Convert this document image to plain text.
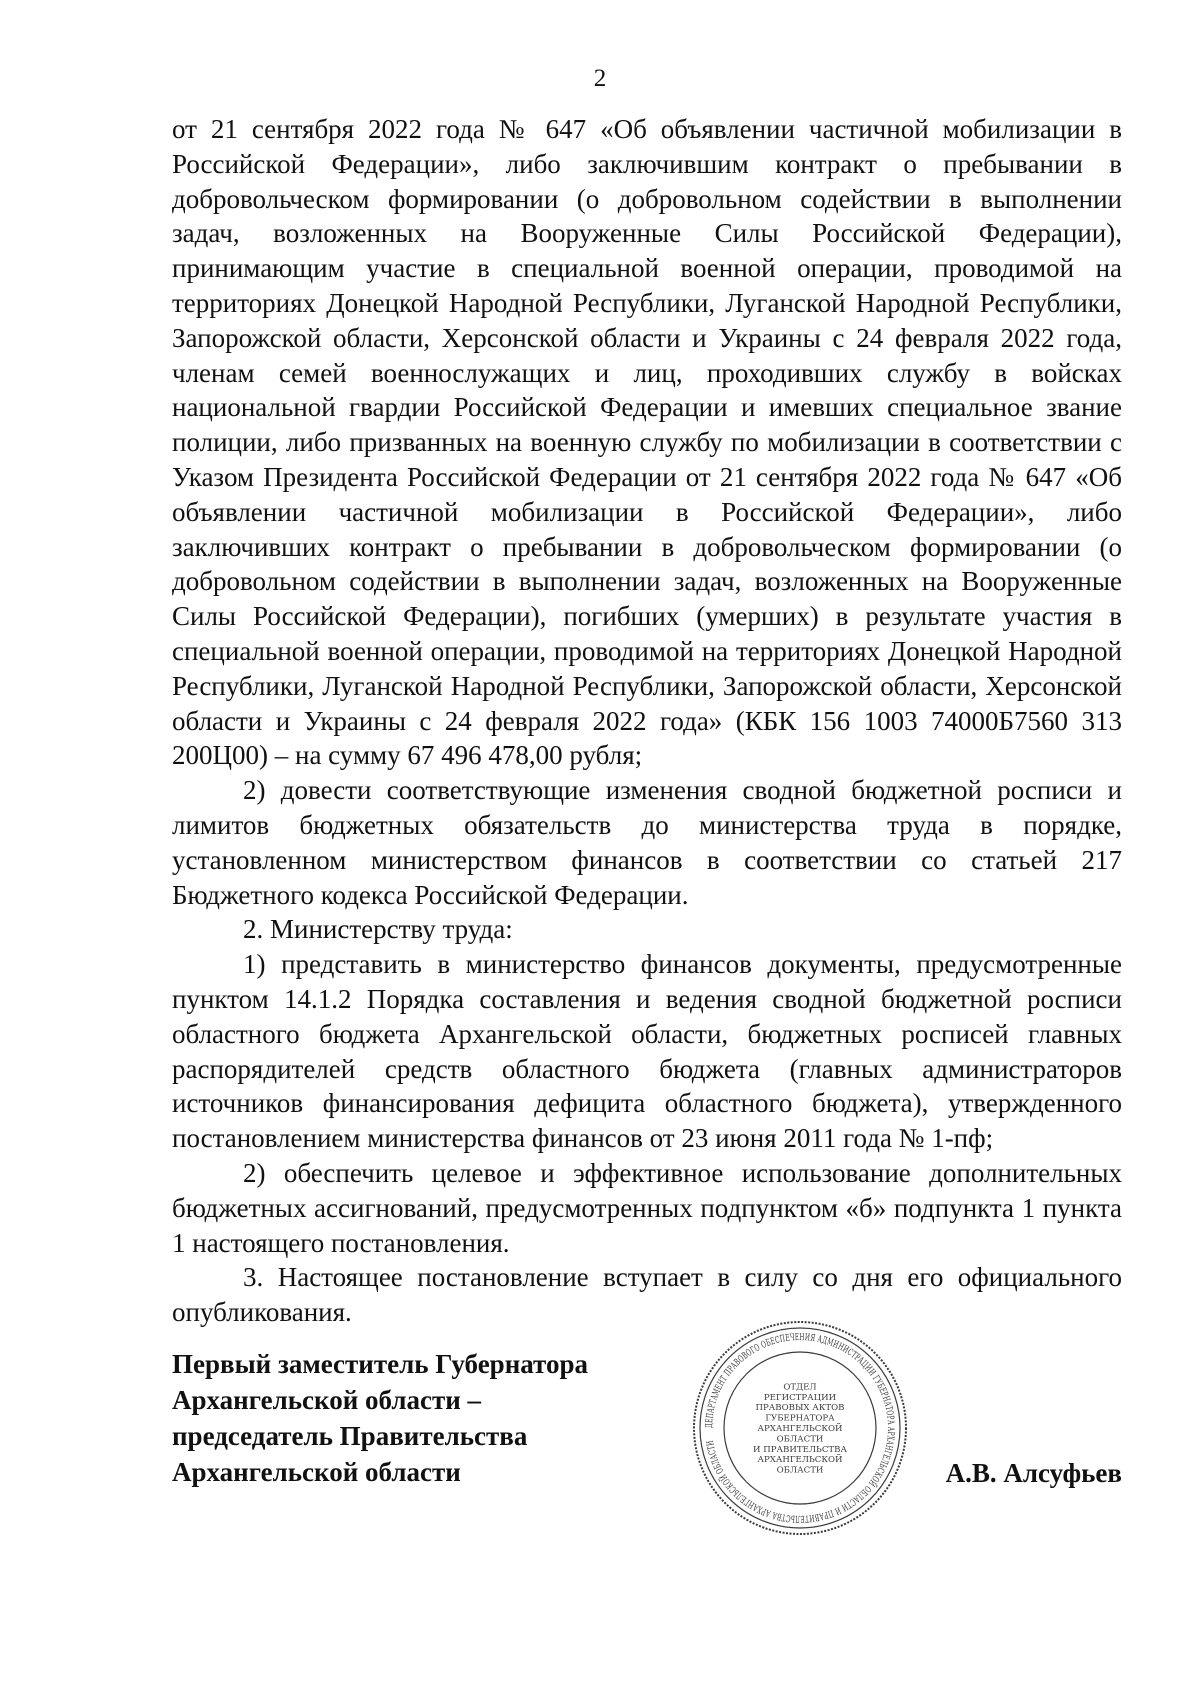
2

от 21 сентября 2022 года № 647 «Об объявлении частичной мобилизации в Российской Федерации», либо заключившим контракт о пребывании в добровольческом формировании (о добровольном содействии в выполнении задач, возложенных на Вооруженные Силы Российской Федерации), принимающим участие в специальной военной операции, проводимой на территориях Донецкой Народной Республики, Луганской Народной Республики, Запорожской области, Херсонской области и Украины с 24 февраля 2022 года, членам семей военнослужащих и лиц, проходивших службу в войсках национальной гвардии Российской Федерации и имевших специальное звание полиции, либо призванных на военную службу по мобилизации в соответствии с Указом Президента Российской Федерации от 21 сентября 2022 года № 647 «Об объявлении частичной мобилизации в Российской Федерации», либо заключивших контракт о пребывании в добровольческом формировании (о добровольном содействии в выполнении задач, возложенных на Вооруженные Силы Российской Федерации), погибших (умерших) в результате участия в специальной военной операции, проводимой на территориях Донецкой Народной Республики, Луганской Народной Республики, Запорожской области, Херсонской области и Украины с 24 февраля 2022 года» (КБК 156 1003 74000Б7560 313 200Ц00) – на сумму 67 496 478,00 рубля;

2) довести соответствующие изменения сводной бюджетной росписи и лимитов бюджетных обязательств до министерства труда в порядке, установленном министерством финансов в соответствии со статьей 217 Бюджетного кодекса Российской Федерации.

2. Министерству труда:

1) представить в министерство финансов документы, предусмотренные пунктом 14.1.2 Порядка составления и ведения сводной бюджетной росписи областного бюджета Архангельской области, бюджетных росписей главных распорядителей средств областного бюджета (главных администраторов источников финансирования дефицита областного бюджета), утвержденного постановлением министерства финансов от 23 июня 2011 года № 1-пф;

2) обеспечить целевое и эффективное использование дополнительных бюджетных ассигнований, предусмотренных подпунктом «б» подпункта 1 пункта 1 настоящего постановления.

3. Настоящее постановление вступает в силу со дня его официального опубликования.

Первый заместитель Губернатора
Архангельской области –
председатель Правительства
Архангельской области
ДЕПАРТАМЕНТ ПРАВОВОГО ОБЕСПЕЧЕНИЯ АДМИНИСТРАЦИИ ГУБЕРНАТОРА АРХАНГЕЛЬСКОЙ ОБЛАСТИ И ПРАВИТЕЛЬСТВА АРХАНГЕЛЬСКОЙ ОБЛАСТИ
ОТДЕЛ
РЕГИСТРАЦИИ
ПРАВОВЫХ АКТОВ
ГУБЕРНАТОРА
АРХАНГЕЛЬСКОЙ
ОБЛАСТИ
И ПРАВИТЕЛЬСТВА
АРХАНГЕЛЬСКОЙ
ОБЛАСТИ	А.В. Алсуфьев
